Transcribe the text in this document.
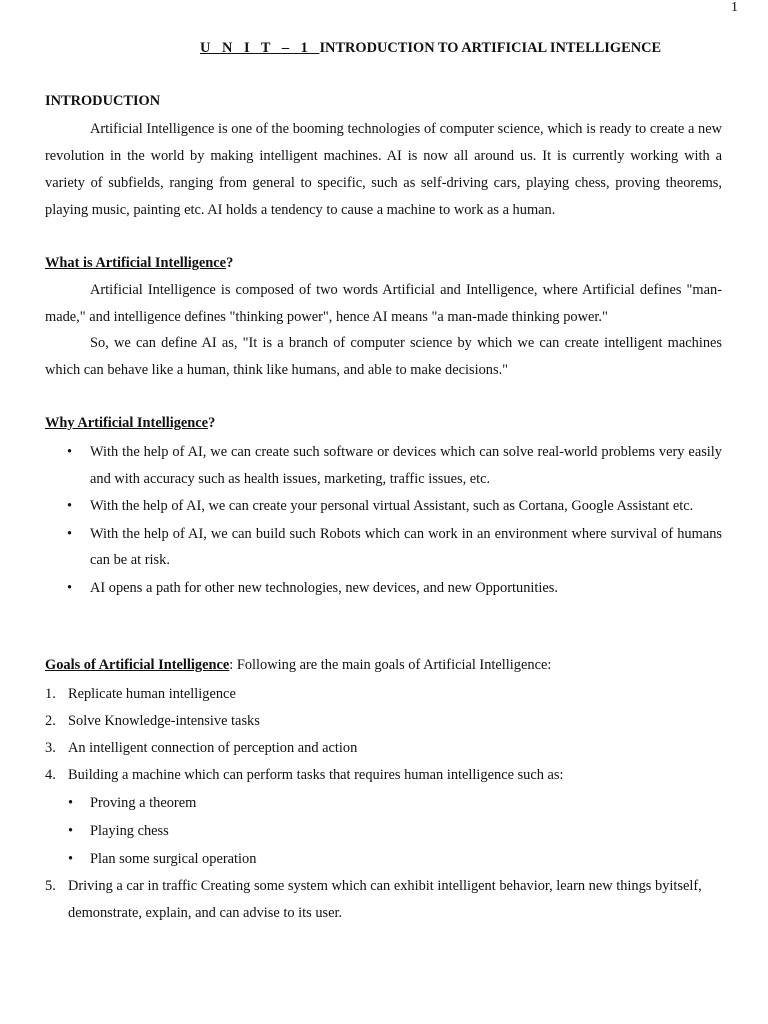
1
U N I T – 1 INTRODUCTION TO ARTIFICIAL INTELLIGENCE
INTRODUCTION
Artificial Intelligence is one of the booming technologies of computer science, which is ready to create a new revolution in the world by making intelligent machines. AI is now all around us. It is currently working with a variety of subfields, ranging from general to specific, such as self-driving cars, playing chess, proving theorems, playing music, painting etc. AI holds a tendency to cause a machine to work as a human.
What is Artificial Intelligence?
Artificial Intelligence is composed of two words Artificial and Intelligence, where Artificial defines "man-made," and intelligence defines "thinking power", hence AI means "a man-made thinking power."
So, we can define AI as, "It is a branch of computer science by which we can create intelligent machines which can behave like a human, think like humans, and able to make decisions."
Why Artificial Intelligence?
• With the help of AI, we can create such software or devices which can solve real-world problems very easily and with accuracy such as health issues, marketing, traffic issues, etc.
• With the help of AI, we can create your personal virtual Assistant, such as Cortana, Google Assistant etc.
• With the help of AI, we can build such Robots which can work in an environment where survival of humans can be at risk.
• AI opens a path for other new technologies, new devices, and new Opportunities.
Goals of Artificial Intelligence: Following are the main goals of Artificial Intelligence:
1. Replicate human intelligence
2. Solve Knowledge-intensive tasks
3. An intelligent connection of perception and action
4. Building a machine which can perform tasks that requires human intelligence such as:
• Proving a theorem
• Playing chess
• Plan some surgical operation
5. Driving a car in traffic Creating some system which can exhibit intelligent behavior, learn new things byitself, demonstrate, explain, and can advise to its user.
